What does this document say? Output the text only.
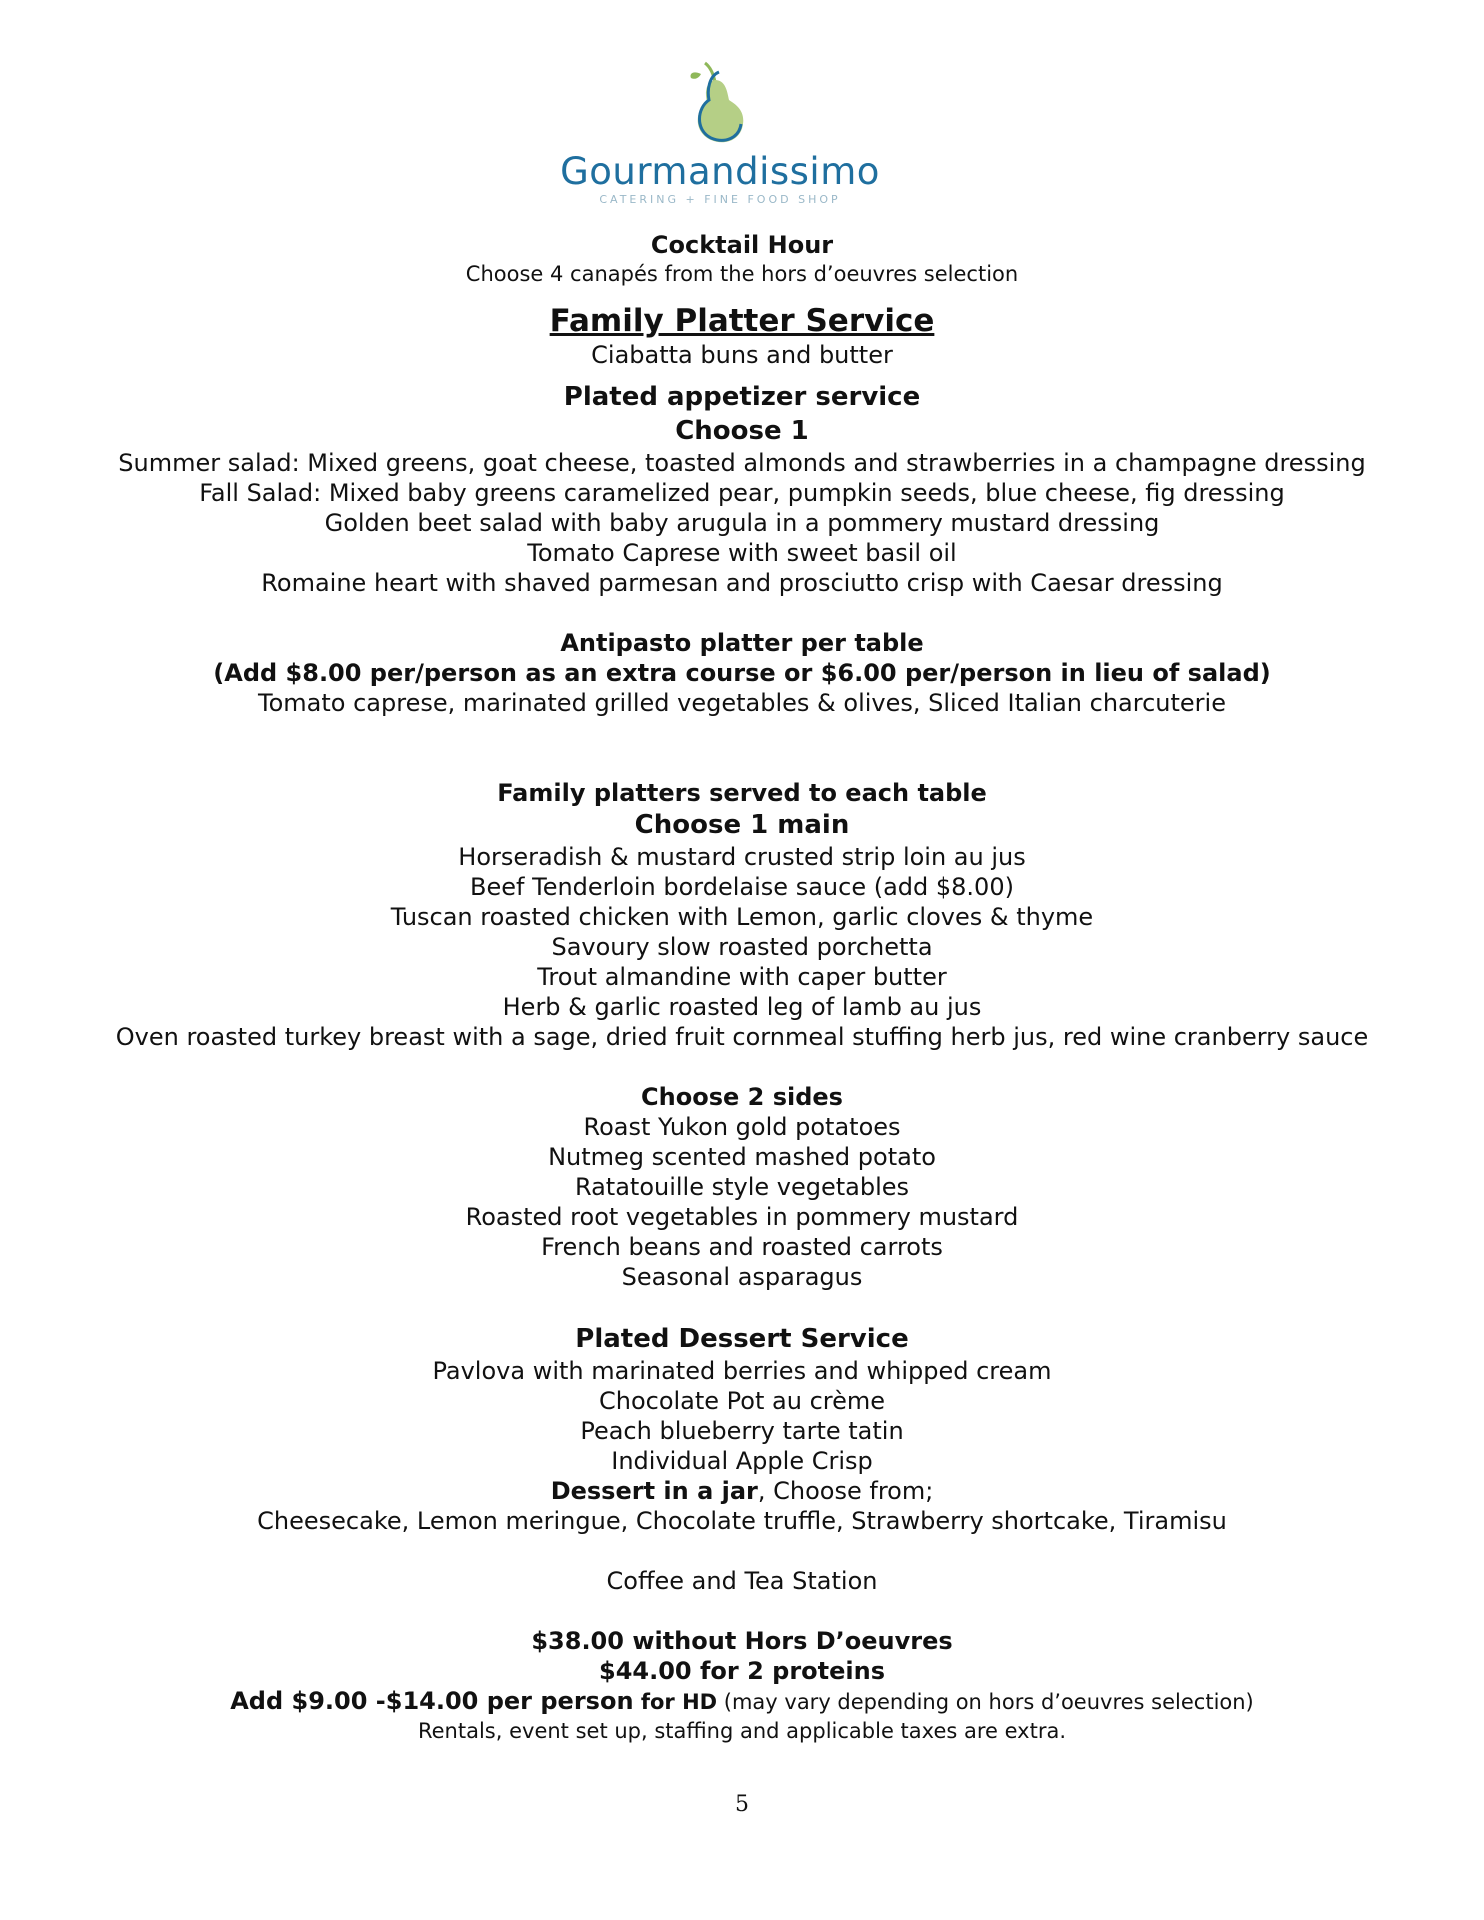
Gourmandissimo
CATERING + FINE FOOD SHOP
Cocktail Hour
Choose 4 canapés from the hors d’oeuvres selection
Family Platter Service
Ciabatta buns and butter
Plated appetizer service
Choose 1
Summer salad: Mixed greens, goat cheese, toasted almonds and strawberries in a champagne dressing
Fall Salad: Mixed baby greens caramelized pear, pumpkin seeds, blue cheese, fig dressing
Golden beet salad with baby arugula in a pommery mustard dressing
Tomato Caprese with sweet basil oil
Romaine heart with shaved parmesan and prosciutto crisp with Caesar dressing
Antipasto platter per table
(Add $8.00 per/person as an extra course or $6.00 per/person in lieu of salad)
Tomato caprese, marinated grilled vegetables & olives, Sliced Italian charcuterie
Family platters served to each table
Choose 1 main
Horseradish & mustard crusted strip loin au jus
Beef Tenderloin bordelaise sauce (add $8.00)
Tuscan roasted chicken with Lemon, garlic cloves & thyme
Savoury slow roasted porchetta
Trout almandine with caper butter
Herb & garlic roasted leg of lamb au jus
Oven roasted turkey breast with a sage, dried fruit cornmeal stuffing herb jus, red wine cranberry sauce
Choose 2 sides
Roast Yukon gold potatoes
Nutmeg scented mashed potato
Ratatouille style vegetables
Roasted root vegetables in pommery mustard
French beans and roasted carrots
Seasonal asparagus
Plated Dessert Service
Pavlova with marinated berries and whipped cream
Chocolate Pot au crème
Peach blueberry tarte tatin
Individual Apple Crisp
Dessert in a jar, Choose from;
Cheesecake, Lemon meringue, Chocolate truffle, Strawberry shortcake, Tiramisu
Coffee and Tea Station
$38.00 without Hors D’oeuvres
$44.00 for 2 proteins
Add $9.00 -$14.00 per person for HD (may vary depending on hors d’oeuvres selection)
Rentals, event set up, staffing and applicable taxes are extra.
5
